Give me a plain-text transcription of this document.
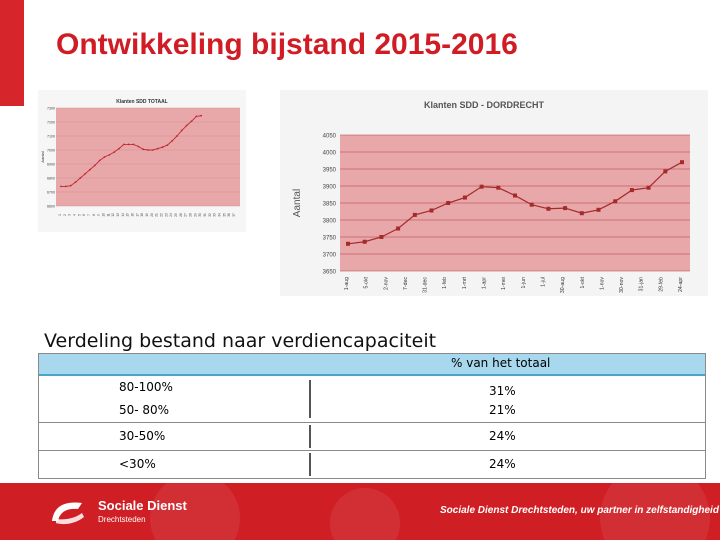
Ontwikkeling bijstand 2015-2016
Klanten SDD TOTAAL
Aantal
6600
6700
6800
6900
7000
7100
7200
7300
1 2 3 4 5 6 7 8 9 10 11 12 13 14 15 16 17 18 19 20 21 22 23 24 25 26 27 28 29 30 31 32 33 34 35 36 37
Klanten SDD - DORDRECHT
Aantal
3650
3700
3750
3800
3850
3900
3950
4000
4050
1-aug	5-okt	2-nov	7-dec	31-dec	1-feb	1-mrt	1-apr	1-mei	1-jun	1-jul	30-aug	1-okt	1-nov	30-nov	31-jan	29-feb	24-apr
Verdeling bestand naar verdiencapaciteit
% van het totaal
80-100%	31%
50- 80%	21%
30-50%	24%
<30%	24%
Sociale Dienst
Drechtsteden
Sociale Dienst Drechtsteden, uw partner in zelfstandigheid
